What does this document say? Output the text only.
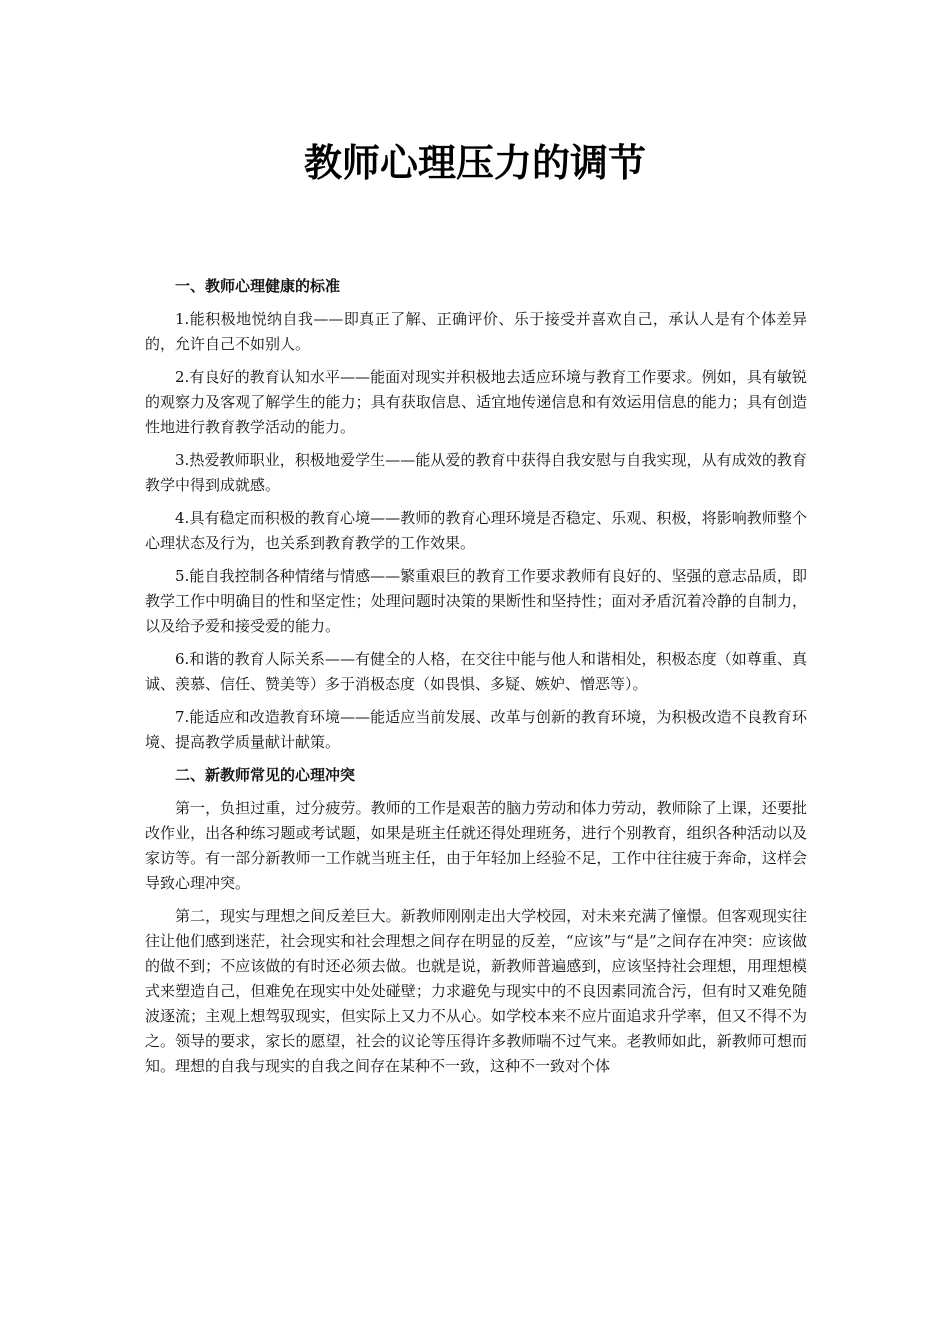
教师心理压力的调节

一、教师心理健康的标准

1.能积极地悦纳自我——即真正了解、正确评价、乐于接受并喜欢自己，承认人是有个体差异的，允许自己不如别人。

2.有良好的教育认知水平——能面对现实并积极地去适应环境与教育工作要求。例如，具有敏锐的观察力及客观了解学生的能力；具有获取信息、适宜地传递信息和有效运用信息的能力；具有创造性地进行教育教学活动的能力。

3.热爱教师职业，积极地爱学生——能从爱的教育中获得自我安慰与自我实现，从有成效的教育教学中得到成就感。

4.具有稳定而积极的教育心境——教师的教育心理环境是否稳定、乐观、积极，将影响教师整个心理状态及行为，也关系到教育教学的工作效果。

5.能自我控制各种情绪与情感——繁重艰巨的教育工作要求教师有良好的、坚强的意志品质，即教学工作中明确目的性和坚定性；处理问题时决策的果断性和坚持性；面对矛盾沉着冷静的自制力，以及给予爱和接受爱的能力。

6.和谐的教育人际关系——有健全的人格，在交往中能与他人和谐相处，积极态度（如尊重、真诚、羡慕、信任、赞美等）多于消极态度（如畏惧、多疑、嫉妒、憎恶等）。

7.能适应和改造教育环境——能适应当前发展、改革与创新的教育环境，为积极改造不良教育环境、提高教学质量献计献策。

二、新教师常见的心理冲突

第一，负担过重，过分疲劳。教师的工作是艰苦的脑力劳动和体力劳动，教师除了上课，还要批改作业，出各种练习题或考试题，如果是班主任就还得处理班务，进行个别教育，组织各种活动以及家访等。有一部分新教师一工作就当班主任，由于年轻加上经验不足，工作中往往疲于奔命，这样会导致心理冲突。

第二，现实与理想之间反差巨大。新教师刚刚走出大学校园，对未来充满了憧憬。但客观现实往往让他们感到迷茫，社会现实和社会理想之间存在明显的反差，“应该”与“是”之间存在冲突：应该做的做不到；不应该做的有时还必须去做。也就是说，新教师普遍感到，应该坚持社会理想，用理想模式来塑造自己，但难免在现实中处处碰壁；力求避免与现实中的不良因素同流合污，但有时又难免随波逐流；主观上想驾驭现实，但实际上又力不从心。如学校本来不应片面追求升学率，但又不得不为之。领导的要求，家长的愿望，社会的议论等压得许多教师喘不过气来。老教师如此，新教师可想而知。理想的自我与现实的自我之间存在某种不一致，这种不一致对个体
